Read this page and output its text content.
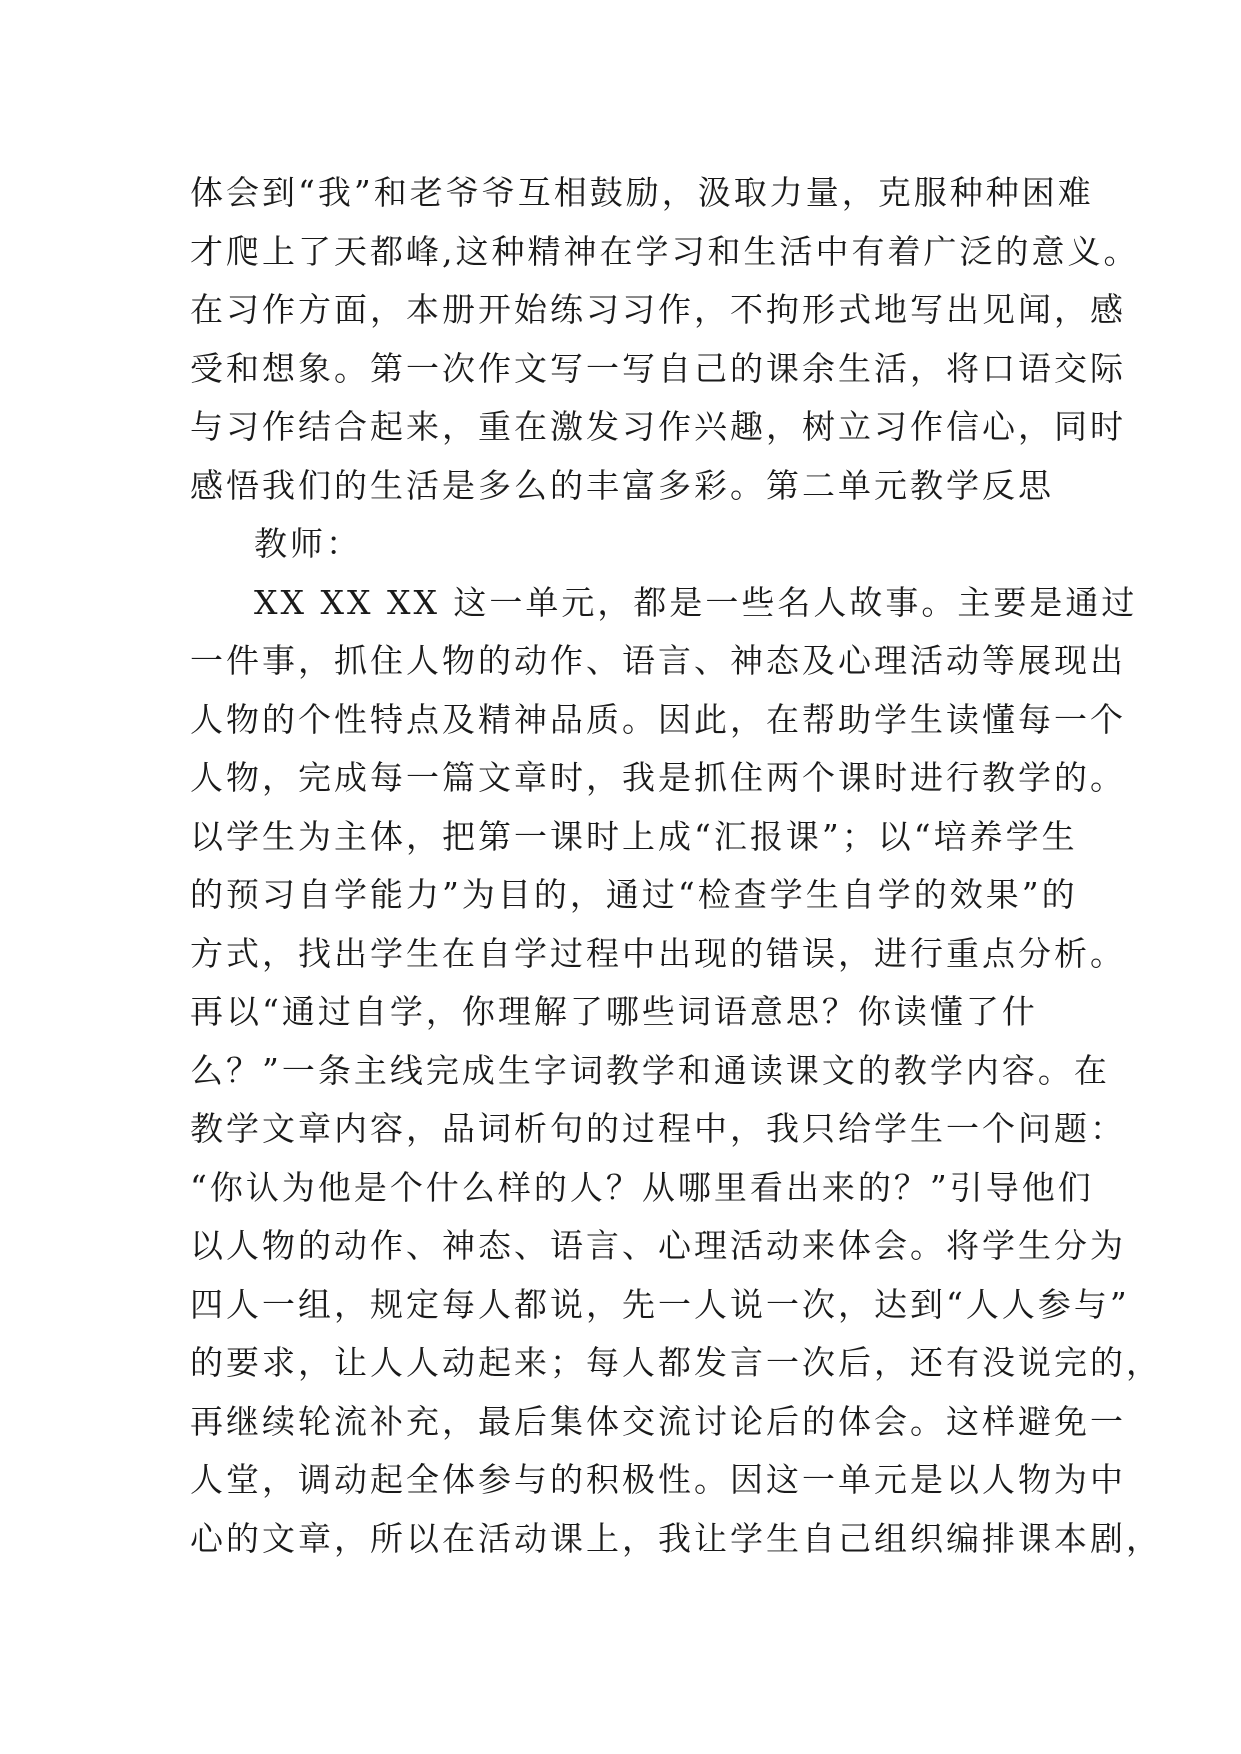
体会到“我”和老爷爷互相鼓励，汲取力量，克服种种困难
才爬上了天都峰,这种精神在学习和生活中有着广泛的意义。
在习作方面，本册开始练习习作，不拘形式地写出见闻，感
受和想象。第一次作文写一写自己的课余生活，将口语交际
与习作结合起来，重在激发习作兴趣，树立习作信心，同时
感悟我们的生活是多么的丰富多彩。第二单元教学反思
教师：
XX XX XX 这一单元，都是一些名人故事。主要是通过
一件事，抓住人物的动作、语言、神态及心理活动等展现出
人物的个性特点及精神品质。因此，在帮助学生读懂每一个
人物，完成每一篇文章时，我是抓住两个课时进行教学的。
以学生为主体，把第一课时上成“汇报课”；以“培养学生
的预习自学能力”为目的，通过“检查学生自学的效果”的
方式，找出学生在自学过程中出现的错误，进行重点分析。
再以“通过自学，你理解了哪些词语意思？你读懂了什
么？”一条主线完成生字词教学和通读课文的教学内容。在
教学文章内容，品词析句的过程中，我只给学生一个问题：
“你认为他是个什么样的人？从哪里看出来的？”引导他们
以人物的动作、神态、语言、心理活动来体会。将学生分为
四人一组，规定每人都说，先一人说一次，达到“人人参与”
的要求，让人人动起来；每人都发言一次后，还有没说完的，
再继续轮流补充，最后集体交流讨论后的体会。这样避免一
人堂，调动起全体参与的积极性。因这一单元是以人物为中
心的文章，所以在活动课上，我让学生自己组织编排课本剧，
